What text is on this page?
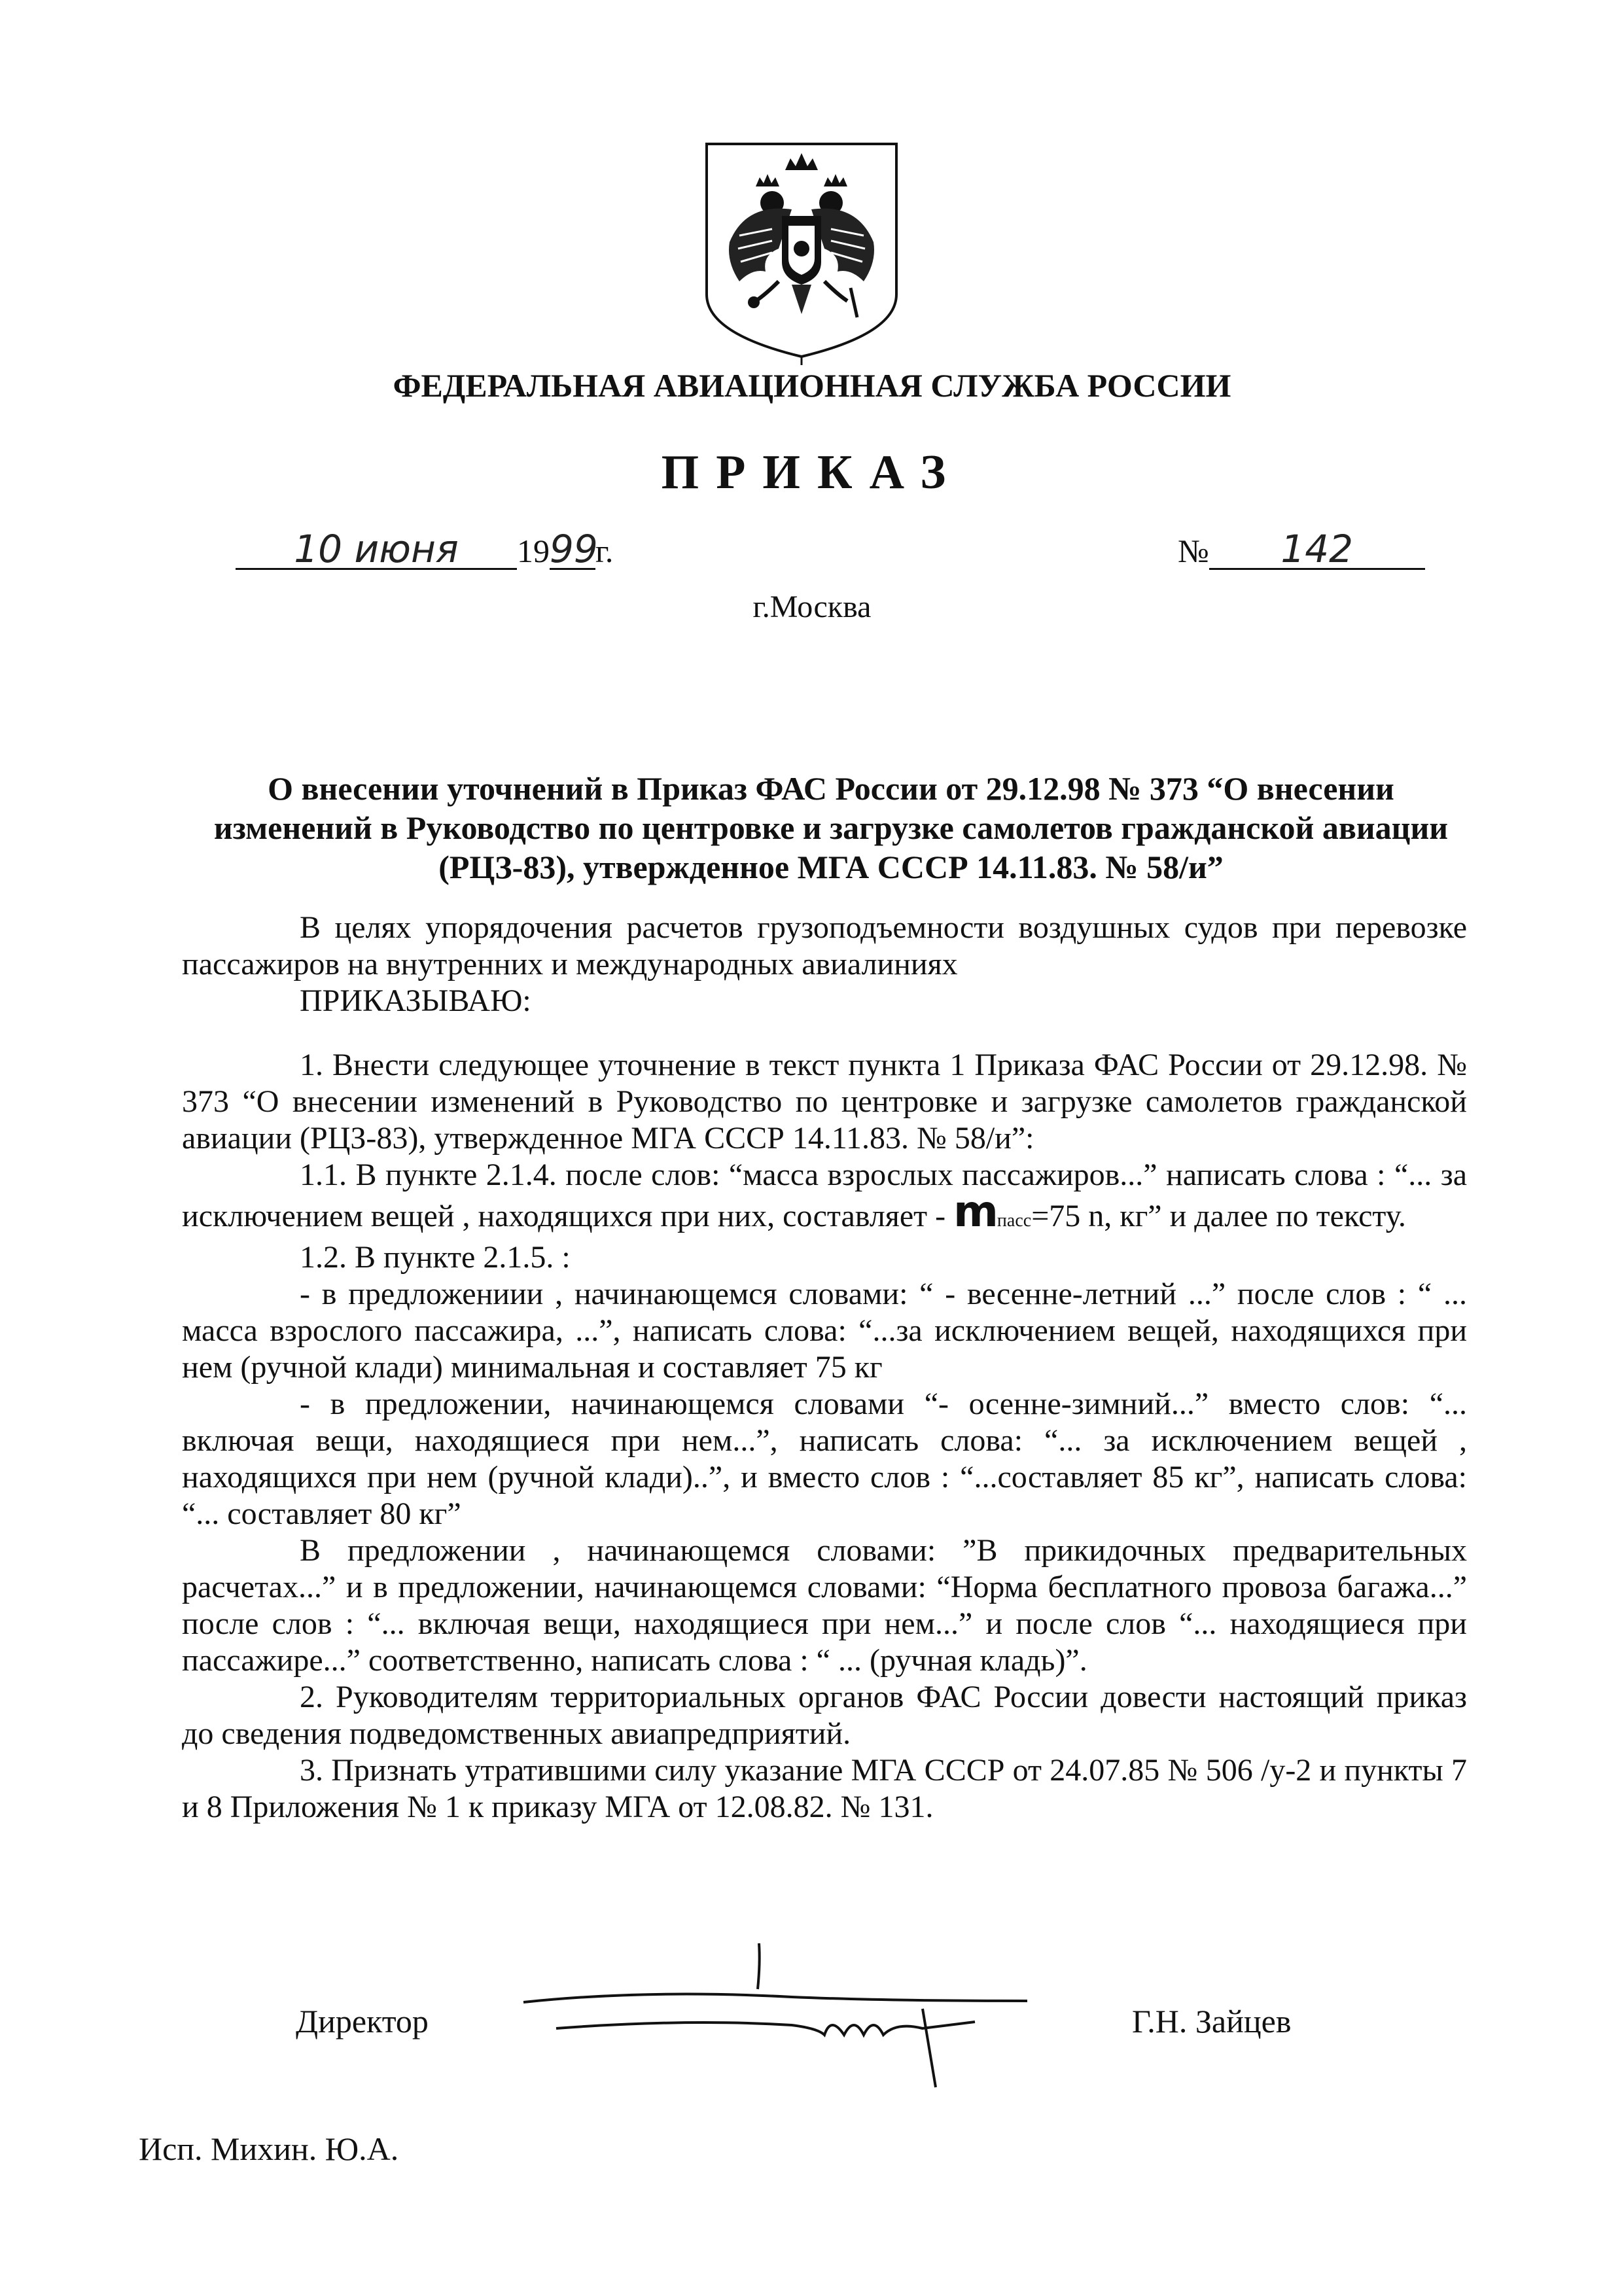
ФЕДЕРАЛЬНАЯ АВИАЦИОННАЯ СЛУЖБА РОССИИ
ПРИКАЗ
10 июня 1999г.	№ 142
г.Москва
О внесении уточнений в Приказ ФАС России от 29.12.98 № 373 “О внесении
изменений в Руководство по центровке и загрузке самолетов гражданской авиации
(РЦЗ-83), утвержденное МГА СССР 14.11.83. № 58/и”

В целях упорядочения расчетов грузоподъемности воздушных судов при перевозке пассажиров на внутренних и международных авиалиниях

ПРИКАЗЫВАЮ:

1. Внести следующее уточнение в текст пункта 1 Приказа ФАС России от 29.12.98. № 373 “О внесении изменений в Руководство по центровке и загрузке самолетов гражданской авиации (РЦЗ-83), утвержденное МГА СССР 14.11.83. № 58/и”:

1.1. В пункте 2.1.4. после слов: “масса взрослых пассажиров...” написать слова : “... за исключением вещей , находящихся при них, составляет - mпасс=75 n, кг” и далее по тексту.

1.2. В пункте 2.1.5. :

- в предложениии , начинающемся словами: “ - весенне-летний ...” после слов : “ ... масса взрослого пассажира, ...”, написать слова: “...за исключением вещей, находящихся при нем (ручной клади) минимальная и составляет 75 кг

- в предложении, начинающемся словами “- осенне-зимний...” вместо слов: “... включая вещи, находящиеся при нем...”, написать слова: “... за исключением вещей , находящихся при нем (ручной клади)..”, и вместо слов : “...составляет 85 кг”, написать слова: “... составляет 80 кг”

В предложении , начинающемся словами: ”В прикидочных предварительных расчетах...” и в предложении, начинающемся словами: “Норма бесплатного провоза багажа...” после слов : “... включая вещи, находящиеся при нем...” и после слов “... находящиеся при пассажире...” соответственно, написать слова : “ ... (ручная кладь)”.

2. Руководителям территориальных органов ФАС России довести настоящий приказ до сведения подведомственных авиапредприятий.

3. Признать утратившими силу указание МГА СССР от 24.07.85 № 506 /у-2 и пункты 7 и 8 Приложения № 1 к приказу МГА от 12.08.82. № 131.

Директор	Г.Н. Зайцев
Исп. Михин. Ю.А.
